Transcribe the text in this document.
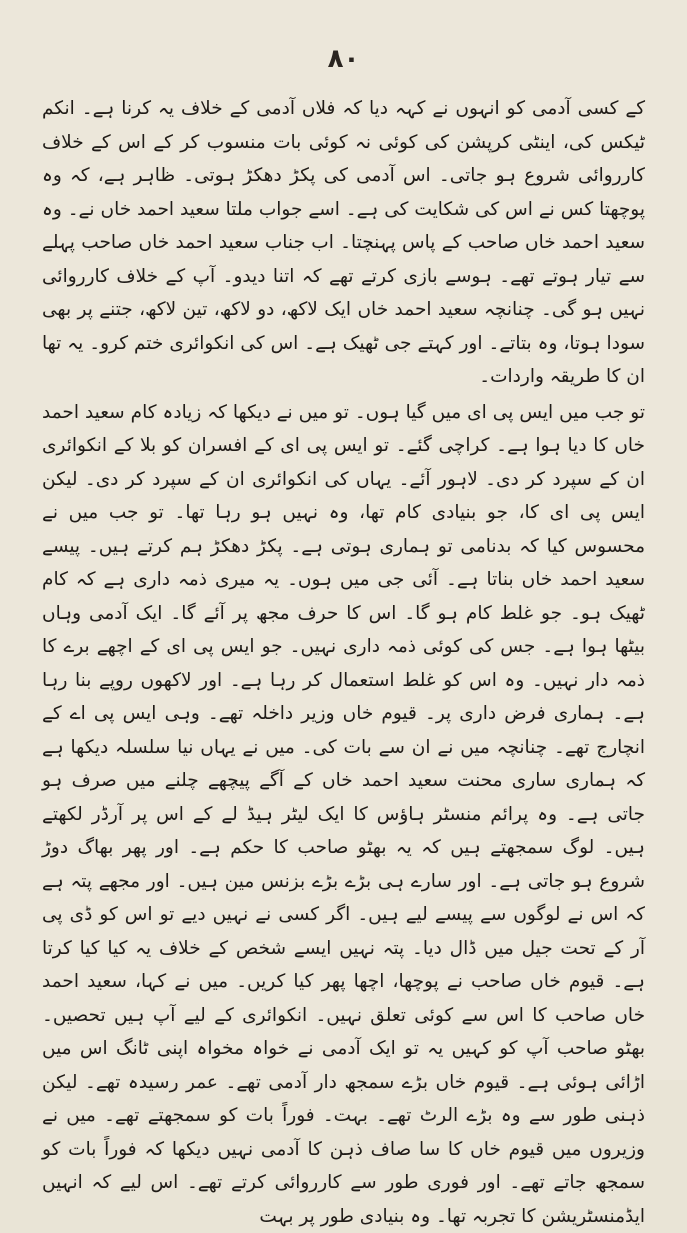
۸۰

کے کسی آدمی کو انہوں نے کہہ دیا کہ فلاں آدمی کے خلاف یہ کرنا ہے۔ انکم ٹیکس کی، اینٹی کرپشن کی کوئی نہ کوئی بات منسوب کر کے اس کے خلاف کارروائی شروع ہو جاتی۔ اس آدمی کی پکڑ دھکڑ ہوتی۔ ظاہر ہے، کہ وہ پوچھتا کس نے اس کی شکایت کی ہے۔ اسے جواب ملتا سعید احمد خاں نے۔ وہ سعید احمد خاں صاحب کے پاس پہنچتا۔ اب جناب سعید احمد خاں صاحب پہلے سے تیار ہوتے تھے۔ ہوسے بازی کرتے تھے کہ اتنا دیدو۔ آپ کے خلاف کارروائی نہیں ہو گی۔ چنانچہ سعید احمد خاں ایک لاکھ، دو لاکھ، تین لاکھ، جتنے پر بھی سودا ہوتا، وہ بتاتے۔ اور کہتے جی ٹھیک ہے۔ اس کی انکوائری ختم کرو۔ یہ تھا ان کا طریقہ واردات۔

تو جب میں ایس پی ای میں گیا ہوں۔ تو میں نے دیکھا کہ زیادہ کام سعید احمد خاں کا دیا ہوا ہے۔ کراچی گئے۔ تو ایس پی ای کے افسران کو بلا کے انکوائری ان کے سپرد کر دی۔ لاہور آئے۔ یہاں کی انکوائری ان کے سپرد کر دی۔ لیکن ایس پی ای کا، جو بنیادی کام تھا، وہ نہیں ہو رہا تھا۔ تو جب میں نے محسوس کیا کہ بدنامی تو ہماری ہوتی ہے۔ پکڑ دھکڑ ہم کرتے ہیں۔ پیسے سعید احمد خاں بناتا ہے۔ آئی جی میں ہوں۔ یہ میری ذمہ داری ہے کہ کام ٹھیک ہو۔ جو غلط کام ہو گا۔ اس کا حرف مجھ پر آئے گا۔ ایک آدمی وہاں بیٹھا ہوا ہے۔ جس کی کوئی ذمہ داری نہیں۔ جو ایس پی ای کے اچھے برے کا ذمہ دار نہیں۔ وہ اس کو غلط استعمال کر رہا ہے۔ اور لاکھوں روپے بنا رہا ہے۔ ہماری فرض داری پر۔ قیوم خاں وزیر داخلہ تھے۔ وہی ایس پی اے کے انچارج تھے۔ چنانچہ میں نے ان سے بات کی۔ میں نے یہاں نیا سلسلہ دیکھا ہے کہ ہماری ساری محنت سعید احمد خاں کے آگے پیچھے چلنے میں صرف ہو جاتی ہے۔ وہ پرائم منسٹر ہاؤس کا ایک لیٹر ہیڈ لے کے اس پر آرڈر لکھتے ہیں۔ لوگ سمجھتے ہیں کہ یہ بھٹو صاحب کا حکم ہے۔ اور پھر بھاگ دوڑ شروع ہو جاتی ہے۔ اور سارے ہی بڑے بڑے بزنس مین ہیں۔ اور مجھے پتہ ہے کہ اس نے لوگوں سے پیسے لیے ہیں۔ اگر کسی نے نہیں دیے تو اس کو ڈی پی آر کے تحت جیل میں ڈال دیا۔ پتہ نہیں ایسے شخص کے خلاف یہ کیا کیا کرتا ہے۔ قیوم خاں صاحب نے پوچھا، اچھا پھر کیا کریں۔ میں نے کہا، سعید احمد خاں صاحب کا اس سے کوئی تعلق نہیں۔ انکوائری کے لیے آپ ہیں تحصیں۔ بھٹو صاحب آپ کو کہیں یہ تو ایک آدمی نے خواہ مخواہ اپنی ٹانگ اس میں اڑائی ہوئی ہے۔ قیوم خاں بڑے سمجھ دار آدمی تھے۔ عمر رسیدہ تھے۔ لیکن ذہنی طور سے وہ بڑے الرٹ تھے۔ بہت۔ فوراً بات کو سمجھتے تھے۔ میں نے وزیروں میں قیوم خاں کا سا صاف ذہن کا آدمی نہیں دیکھا کہ فوراً بات کو سمجھ جاتے تھے۔ اور فوری طور سے کارروائی کرتے تھے۔ اس لیے کہ انہیں ایڈمنسٹریشن کا تجربہ تھا۔ وہ بنیادی طور پر بہت
